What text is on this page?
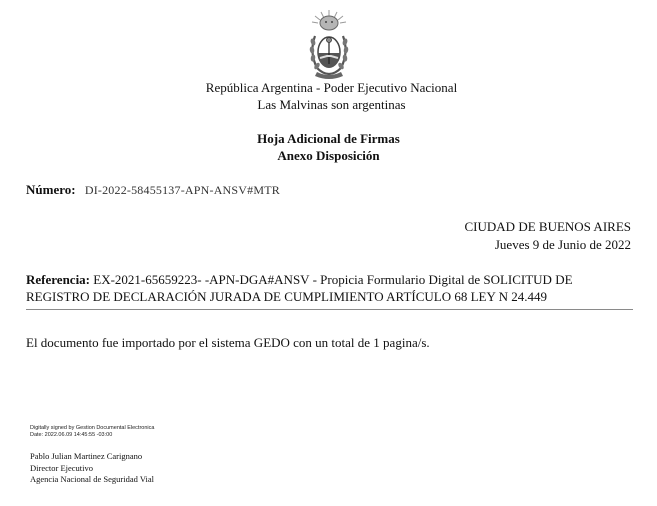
República Argentina - Poder Ejecutivo Nacional
Las Malvinas son argentinas
Hoja Adicional de Firmas
Anexo Disposición
Número: DI-2022-58455137-APN-ANSV#MTR
CIUDAD DE BUENOS AIRES
Jueves 9 de Junio de 2022
Referencia: EX-2021-65659223- -APN-DGA#ANSV - Propicia Formulario Digital de SOLICITUD DE REGISTRO DE DECLARACIÓN JURADA DE CUMPLIMIENTO ARTÍCULO 68 LEY N 24.449
El documento fue importado por el sistema GEDO con un total de 1 pagina/s.
Digitally signed by Gestion Documental Electronica
Date: 2022.06.09 14:45:55 -03:00
Pablo Julian Martinez Carignano
Director Ejecutivo
Agencia Nacional de Seguridad Vial
